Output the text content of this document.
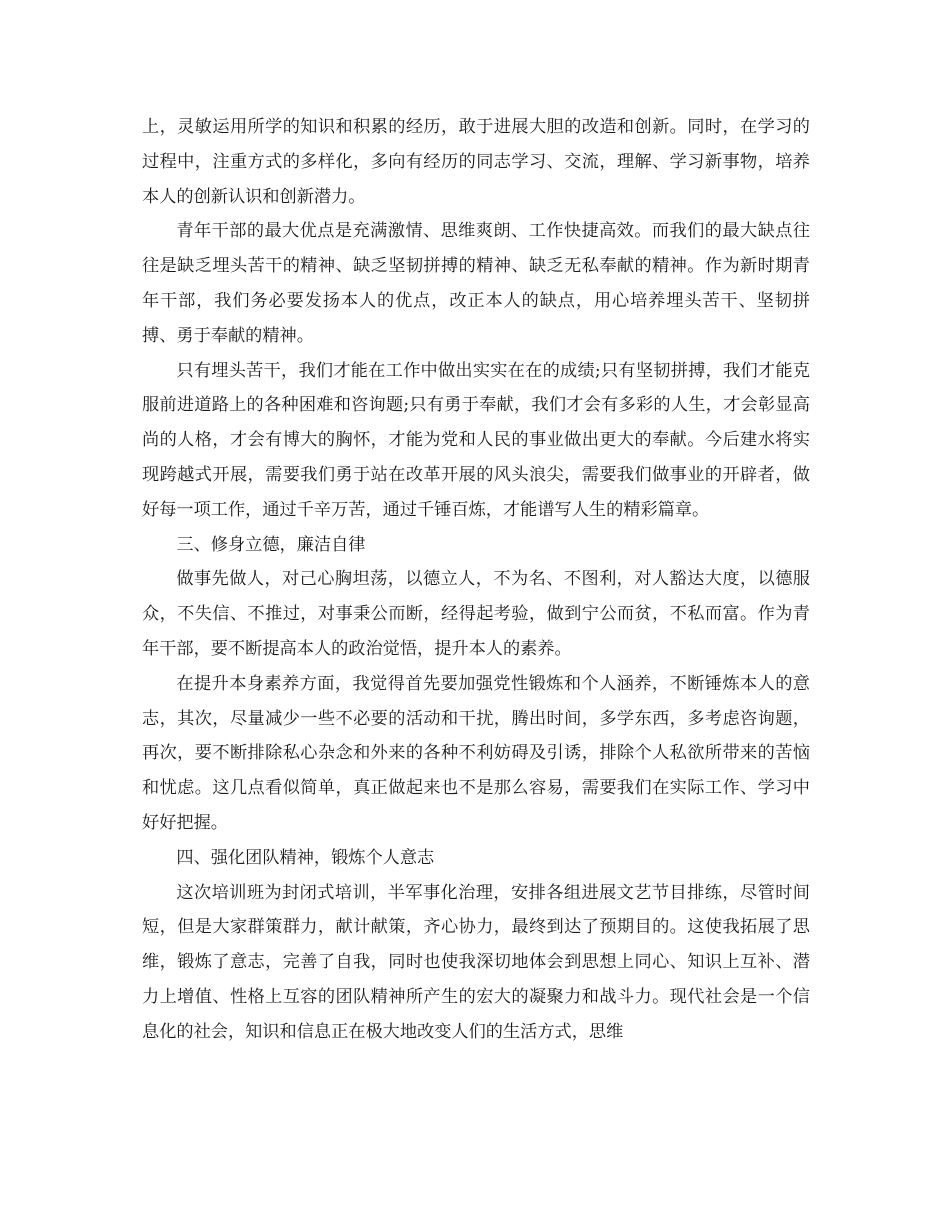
上，灵敏运用所学的知识和积累的经历，敢于进展大胆的改造和创新。同时，在学习的过程中，注重方式的多样化，多向有经历的同志学习、交流，理解、学习新事物，培养本人的创新认识和创新潜力。

青年干部的最大优点是充满激情、思维爽朗、工作快捷高效。而我们的最大缺点往往是缺乏埋头苦干的精神、缺乏坚韧拼搏的精神、缺乏无私奉献的精神。作为新时期青年干部，我们务必要发扬本人的优点，改正本人的缺点，用心培养埋头苦干、坚韧拼搏、勇于奉献的精神。

只有埋头苦干，我们才能在工作中做出实实在在的成绩;只有坚韧拼搏，我们才能克服前进道路上的各种困难和咨询题;只有勇于奉献，我们才会有多彩的人生，才会彰显高尚的人格，才会有博大的胸怀，才能为党和人民的事业做出更大的奉献。今后建水将实现跨越式开展，需要我们勇于站在改革开展的风头浪尖，需要我们做事业的开辟者，做好每一项工作，通过千辛万苦，通过千锤百炼，才能谱写人生的精彩篇章。

三、修身立德，廉洁自律

做事先做人，对己心胸坦荡，以德立人，不为名、不图利，对人豁达大度，以德服众，不失信、不推过，对事秉公而断，经得起考验，做到宁公而贫，不私而富。作为青年干部，要不断提高本人的政治觉悟，提升本人的素养。

在提升本身素养方面，我觉得首先要加强党性锻炼和个人涵养，不断锤炼本人的意志，其次，尽量减少一些不必要的活动和干扰，腾出时间，多学东西，多考虑咨询题，再次，要不断排除私心杂念和外来的各种不利妨碍及引诱，排除个人私欲所带来的苦恼和忧虑。这几点看似简单，真正做起来也不是那么容易，需要我们在实际工作、学习中好好把握。

四、强化团队精神，锻炼个人意志

这次培训班为封闭式培训，半军事化治理，安排各组进展文艺节目排练，尽管时间短，但是大家群策群力，献计献策，齐心协力，最终到达了预期目的。这使我拓展了思维，锻炼了意志，完善了自我，同时也使我深切地体会到思想上同心、知识上互补、潜力上增值、性格上互容的团队精神所产生的宏大的凝聚力和战斗力。现代社会是一个信息化的社会，知识和信息正在极大地改变人们的生活方式，思维
